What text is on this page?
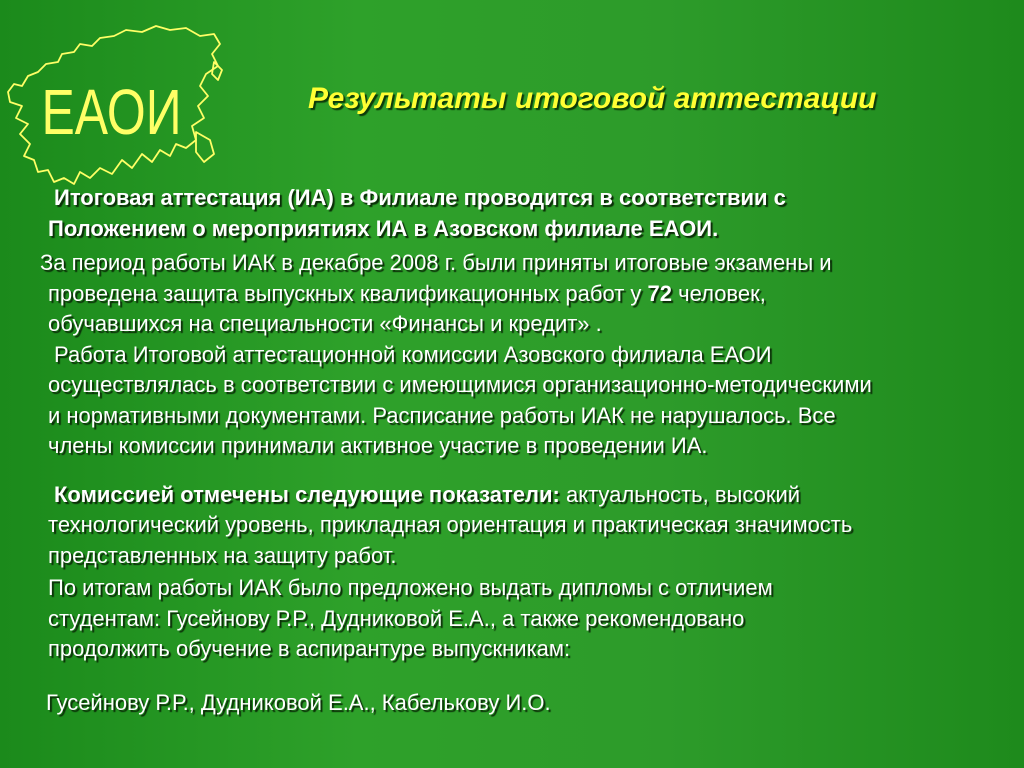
ЕАОИ	Результаты итоговой аттестации
Итоговая аттестация (ИА) в Филиале проводится в соответствии с
Положением о мероприятиях ИА в Азовском филиале ЕАОИ.
За период работы ИАК в декабре 2008 г. были приняты итоговые экзамены и
проведена защита выпускных квалификационных работ у 72 человек,
обучавшихся на специальности «Финансы и кредит» .
Работа Итоговой аттестационной комиссии Азовского филиала ЕАОИ
осуществлялась в соответствии с имеющимися организационно-методическими
и нормативными документами. Расписание работы ИАК не нарушалось. Все
члены комиссии принимали активное участие в проведении ИА.
Комиссией отмечены следующие показатели: актуальность, высокий
технологический уровень, прикладная ориентация и практическая значимость
представленных на защиту работ.
По итогам работы ИАК было предложено выдать дипломы с отличием
студентам: Гусейнову Р.Р., Дудниковой Е.А., а также рекомендовано
продолжить обучение в аспирантуре выпускникам:

Гусейнову Р.Р., Дудниковой Е.А., Кабелькову И.О.
